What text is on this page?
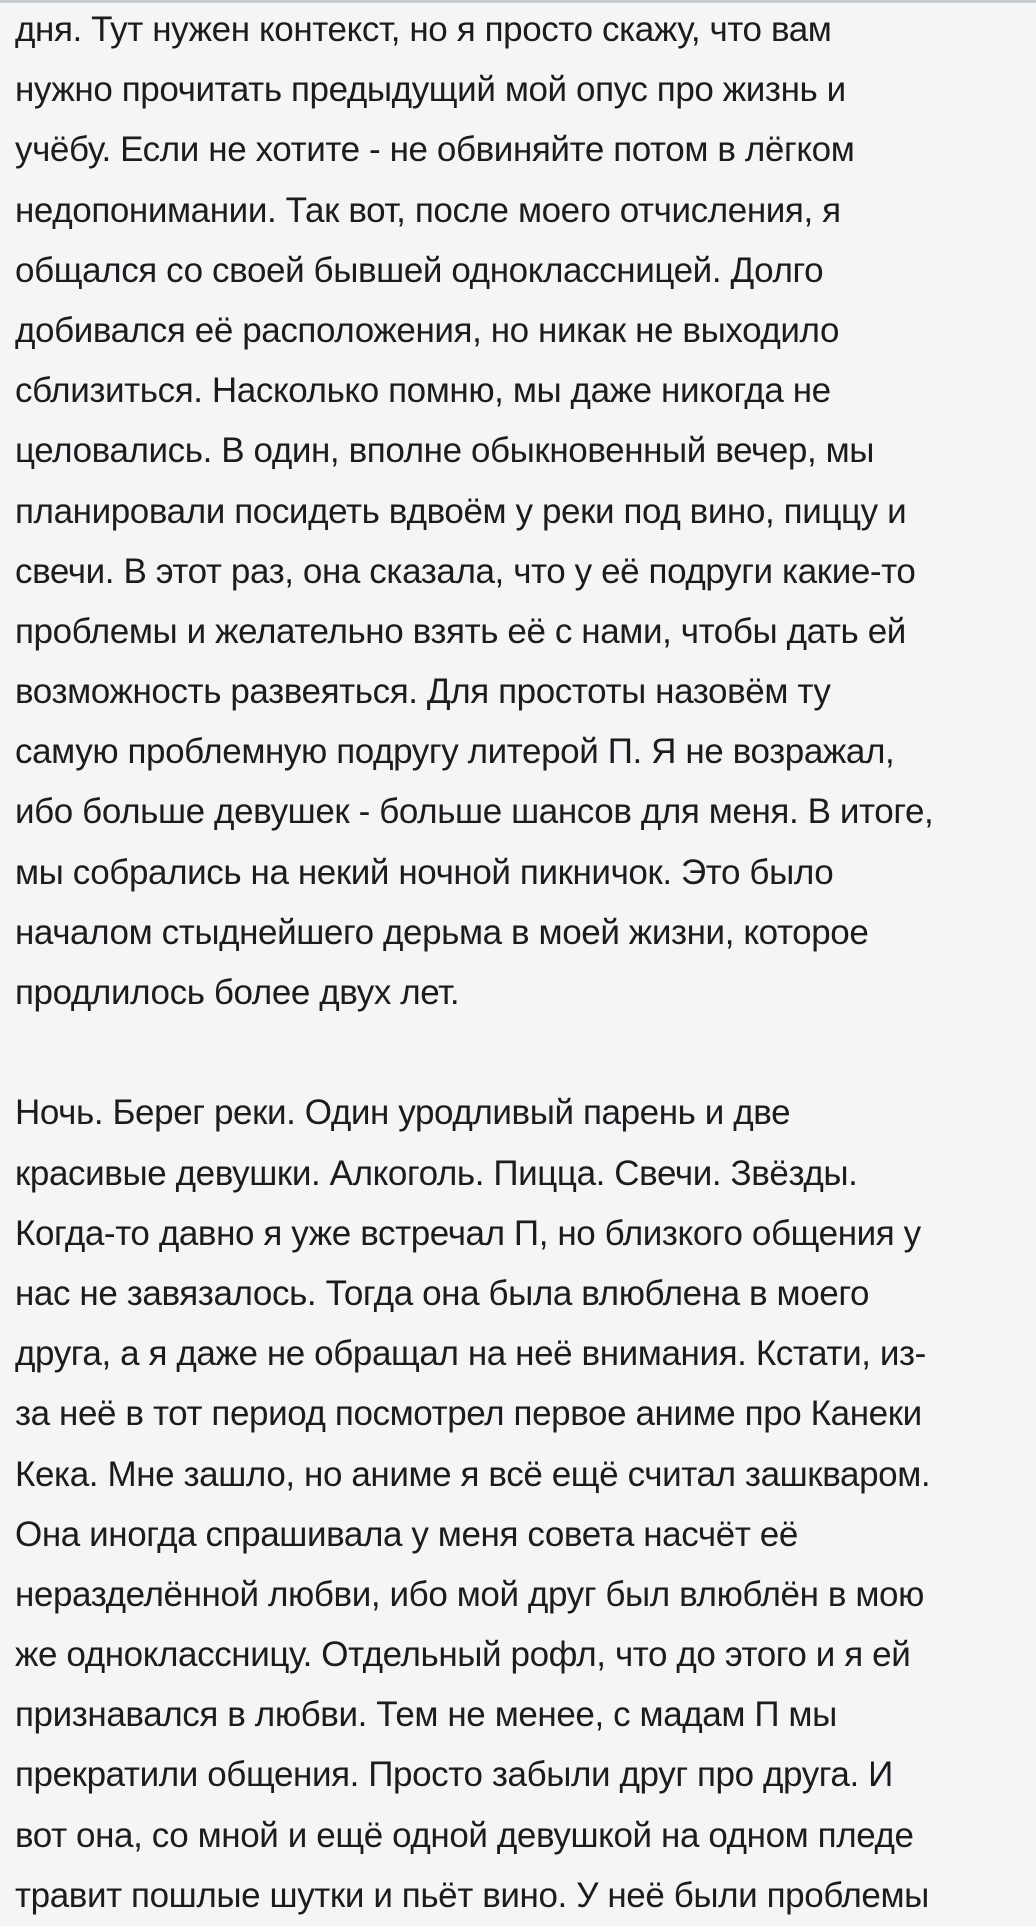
дня. Тут нужен контекст, но я просто скажу, что вам
нужно прочитать предыдущий мой опус про жизнь и
учёбу. Если не хотите - не обвиняйте потом в лёгком
недопонимании. Так вот, после моего отчисления, я
общался со своей бывшей одноклассницей. Долго
добивался её расположения, но никак не выходило
сблизиться. Насколько помню, мы даже никогда не
целовались. В один, вполне обыкновенный вечер, мы
планировали посидеть вдвоём у реки под вино, пиццу и
свечи. В этот раз, она сказала, что у её подруги какие-то
проблемы и желательно взять её с нами, чтобы дать ей
возможность развеяться. Для простоты назовём ту
самую проблемную подругу литерой П. Я не возражал,
ибо больше девушек - больше шансов для меня. В итоге,
мы собрались на некий ночной пикничок. Это было
началом стыднейшего дерьма в моей жизни, которое
продлилось более двух лет.
Ночь. Берег реки. Один уродливый парень и две
красивые девушки. Алкоголь. Пицца. Свечи. Звёзды.
Когда-то давно я уже встречал П, но близкого общения у
нас не завязалось. Тогда она была влюблена в моего
друга, а я даже не обращал на неё внимания. Кстати, из-
за неё в тот период посмотрел первое аниме про Канеки
Кека. Мне зашло, но аниме я всё ещё считал зашкваром.
Она иногда спрашивала у меня совета насчёт её
неразделённой любви, ибо мой друг был влюблён в мою
же одноклассницу. Отдельный рофл, что до этого и я ей
признавался в любви. Тем не менее, с мадам П мы
прекратили общения. Просто забыли друг про друга. И
вот она, со мной и ещё одной девушкой на одном пледе
травит пошлые шутки и пьёт вино. У неё были проблемы
